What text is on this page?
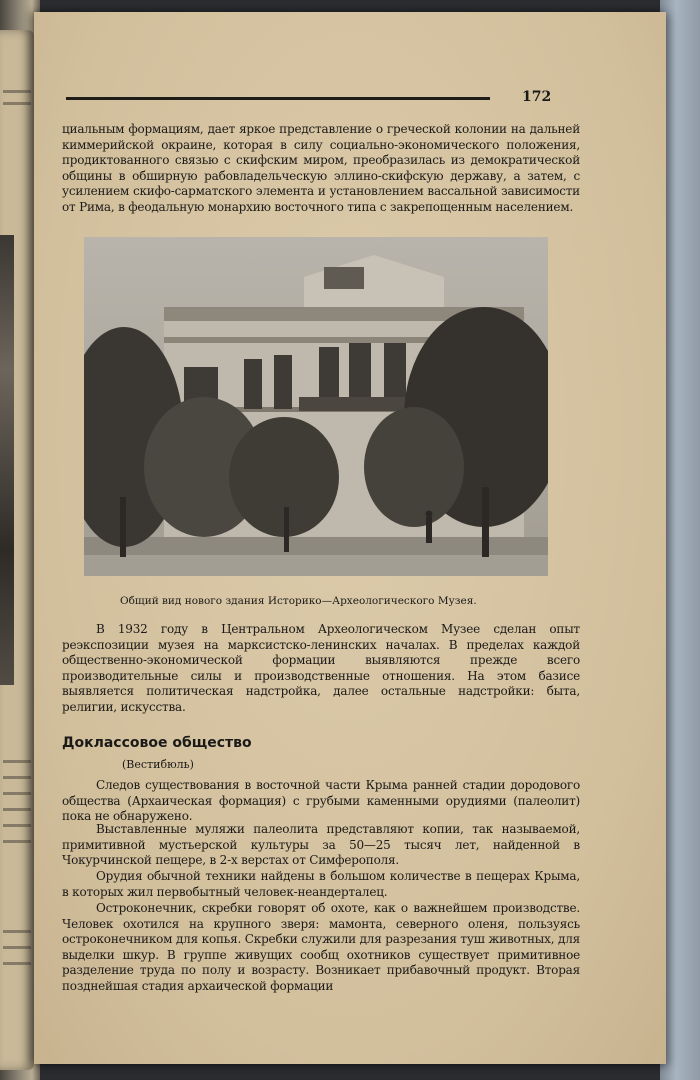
172

циальным формациям, дает яркое представление о греческой колонии на дальней киммерийской окраине, которая в силу социально-экономического положения, продиктованного связью с скифским миром, преобразилась из демократической общины в обширную рабовладельческую эллино-скифскую державу, а затем, с усилением скифо-сарматского элемента и установлением вассальной зависимости от Рима, в феодальную монархию восточного типа с закрепощенным населением.

Общий вид нового здания Историко—Археологического Музея.

В 1932 году в Центральном Археологическом Музее сделан опыт реэкспозиции музея на марксистско-ленинских началах. В пределах каждой общественно-экономической формации выявляются прежде всего производительные силы и производственные отношения. На этом базисе выявляется политическая надстройка, далее остальные надстройки: быта, религии, искусства.

Доклассовое общество
(Вестибюль)

Следов существования в восточной части Крыма ранней стадии дородового общества (Архаическая формация) с грубыми каменными орудиями (палеолит) пока не обнаружено.

Выставленные муляжи палеолита представляют копии, так называемой, примитивной мустьерской культуры за 50—25 тысяч лет, найденной в Чокурчинской пещере, в 2-х верстах от Симферополя.

Орудия обычной техники найдены в большом количестве в пещерах Крыма, в которых жил первобытный человек-неандерталец.

Остроконечник, скребки говорят об охоте, как о важнейшем производстве. Человек охотился на крупного зверя: мамонта, северного оленя, пользуясь остроконечником для копья. Скребки служили для разрезания туш животных, для выделки шкур. В группе живущих сообщ охотников существует примитивное разделение труда по полу и возрасту. Возникает прибавочный продукт. Вторая позднейшая стадия архаической формации
